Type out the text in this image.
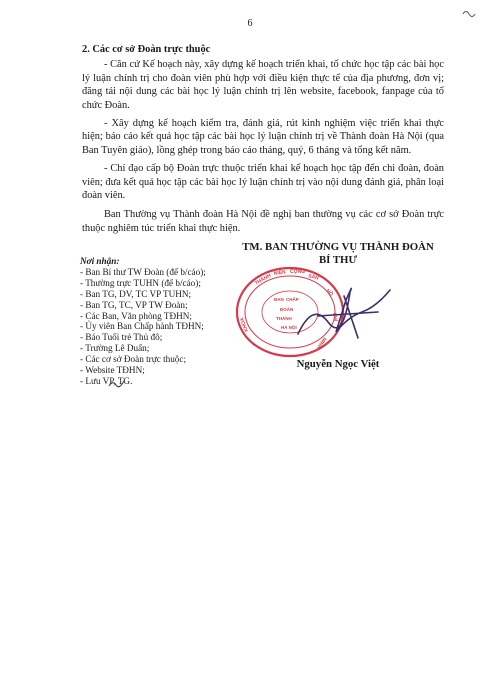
6

2. Các cơ sở Đoàn trực thuộc

- Căn cứ Kế hoạch này, xây dựng kế hoạch triển khai, tổ chức học tập các bài học lý luận chính trị cho đoàn viên phù hợp với điều kiện thực tế của địa phương, đơn vị; đăng tải nội dung các bài học lý luận chính trị lên website, facebook, fanpage của tổ chức Đoàn.

- Xây dựng kế hoạch kiểm tra, đánh giá, rút kinh nghiệm việc triển khai thực hiện; báo cáo kết quả học tập các bài học lý luận chính trị về Thành đoàn Hà Nội (qua Ban Tuyên giáo), lồng ghép trong báo cáo tháng, quý, 6 tháng và tổng kết năm.

- Chỉ đạo cấp bộ Đoàn trực thuộc triển khai kế hoạch học tập đến chi đoàn, đoàn viên; đưa kết quả học tập các bài học lý luận chính trị vào nội dung đánh giá, phân loại đoàn viên.

Ban Thường vụ Thành đoàn Hà Nội đề nghị ban thường vụ các cơ sở Đoàn trực thuộc nghiêm túc triển khai thực hiện.

Nơi nhận:
- Ban Bí thư TW Đoàn (để b/cáo);
- Thường trực TUHN (để b/cáo);
- Ban TG, DV, TC VP TUHN;
- Ban TG, TC, VP TW Đoàn;
- Các Ban, Văn phòng TĐHN;
- Ủy viên Ban Chấp hành TĐHN;
- Báo Tuổi trẻ Thủ đô;
- Trường Lê Duẩn;
- Các cơ sở Đoàn trực thuộc;
- Website TĐHN;
- Lưu VP, TG.
TM. BAN THƯỜNG VỤ THÀNH ĐOÀN
BÍ THƯ
THÀNH NIÊN CỘNG
SẢN
HỒ
CHÍ
MINH
KHOA
BAN CHẤP
ĐOÀN
THÀNH
HÀ NỘI
Nguyễn Ngọc Việt
